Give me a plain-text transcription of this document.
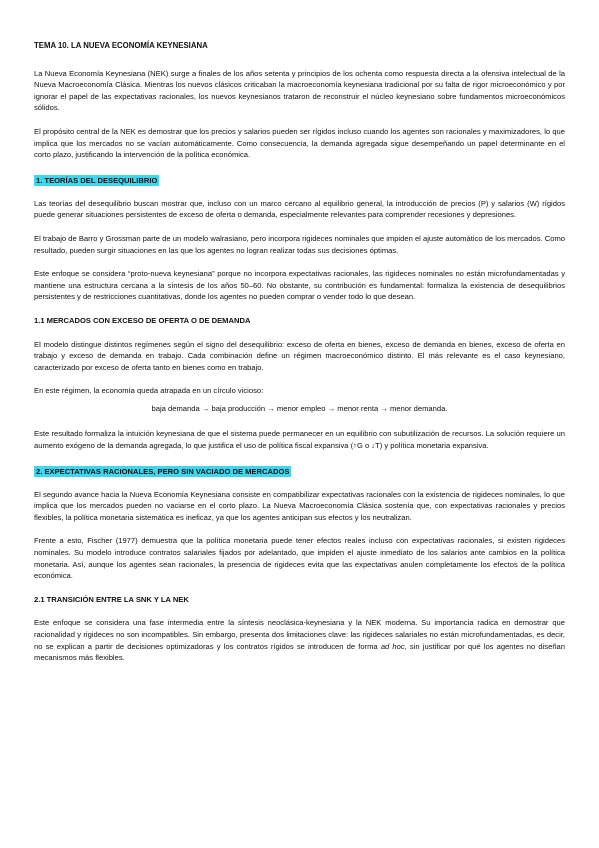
TEMA 10. LA NUEVA ECONOMÍA KEYNESIANA

La Nueva Economía Keynesiana (NEK) surge a finales de los años setenta y principios de los ochenta como respuesta directa a la ofensiva intelectual de la Nueva Macroeconomía Clásica. Mientras los nuevos clásicos criticaban la macroeconomía keynesiana tradicional por su falta de rigor microeconómico y por ignorar el papel de las expectativas racionales, los nuevos keynesianos trataron de reconstruir el núcleo keynesiano sobre fundamentos microeconómicos sólidos.

El propósito central de la NEK es demostrar que los precios y salarios pueden ser rígidos incluso cuando los agentes son racionales y maximizadores, lo que implica que los mercados no se vacían automáticamente. Como consecuencia, la demanda agregada sigue desempeñando un papel determinante en el corto plazo, justificando la intervención de la política económica.

1. TEORÍAS DEL DESEQUILIBRIO

Las teorías del desequilibrio buscan mostrar que, incluso con un marco cercano al equilibrio general, la introducción de precios (P) y salarios (W) rígidos puede generar situaciones persistentes de exceso de oferta o demanda, especialmente relevantes para comprender recesiones y depresiones.

El trabajo de Barro y Grossman parte de un modelo walrasiano, pero incorpora rigideces nominales que impiden el ajuste automático de los mercados. Como resultado, pueden surgir situaciones en las que los agentes no logran realizar todas sus decisiones óptimas.

Este enfoque se considera “proto-nueva keynesiana” porque no incorpora expectativas racionales, las rigideces nominales no están microfundamentadas y mantiene una estructura cercana a la síntesis de los años 50–60. No obstante, su contribución es fundamental: formaliza la existencia de desequilibrios persistentes y de restricciones cuantitativas, donde los agentes no pueden comprar o vender todo lo que desean.

1.1 MERCADOS CON EXCESO DE OFERTA O DE DEMANDA

El modelo distingue distintos regímenes según el signo del desequilibrio: exceso de oferta en bienes, exceso de demanda en bienes, exceso de oferta en trabajo y exceso de demanda en trabajo. Cada combinación define un régimen macroeconómico distinto. El más relevante es el caso keynesiano, caracterizado por exceso de oferta tanto en bienes como en trabajo.

En este régimen, la economía queda atrapada en un círculo vicioso:

baja demanda → baja producción → menor empleo → menor renta → menor demanda.

Este resultado formaliza la intuición keynesiana de que el sistema puede permanecer en un equilibrio con subutilización de recursos. La solución requiere un aumento exógeno de la demanda agregada, lo que justifica el uso de política fiscal expansiva (↑G o ↓T) y política monetaria expansiva.

2. EXPECTATIVAS RACIONALES, PERO SIN VACIADO DE MERCADOS

El segundo avance hacia la Nueva Economía Keynesiana consiste en compatibilizar expectativas racionales con la existencia de rigideces nominales, lo que implica que los mercados pueden no vaciarse en el corto plazo. La Nueva Macroeconomía Clásica sostenía que, con expectativas racionales y precios flexibles, la política monetaria sistemática es ineficaz, ya que los agentes anticipan sus efectos y los neutralizan.

Frente a esto, Fischer (1977) demuestra que la política monetaria puede tener efectos reales incluso con expectativas racionales, si existen rigideces nominales. Su modelo introduce contratos salariales fijados por adelantado, que impiden el ajuste inmediato de los salarios ante cambios en la política monetaria. Así, aunque los agentes sean racionales, la presencia de rigideces evita que las expectativas anulen completamente los efectos de la política económica.

2.1 TRANSICIÓN ENTRE LA SNK Y LA NEK

Este enfoque se considera una fase intermedia entre la síntesis neoclásica-keynesiana y la NEK moderna. Su importancia radica en demostrar que racionalidad y rigideces no son incompatibles. Sin embargo, presenta dos limitaciones clave: las rigideces salariales no están microfundamentadas, es decir, no se explican a partir de decisiones optimizadoras y los contratos rígidos se introducen de forma ad hoc, sin justificar por qué los agentes no diseñan mecanismos más flexibles.
